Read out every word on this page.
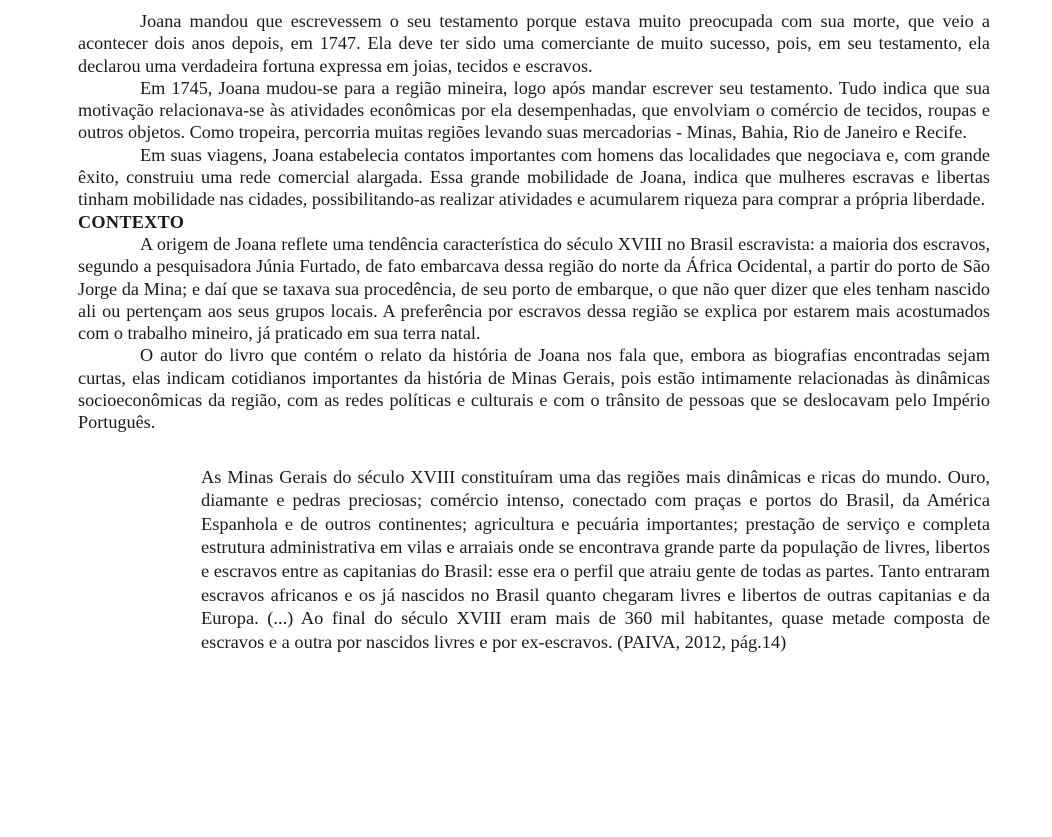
Joana mandou que escrevessem o seu testamento porque estava muito preocupada com sua morte, que veio a acontecer dois anos depois, em 1747. Ela deve ter sido uma comerciante de muito sucesso, pois, em seu testamento, ela declarou uma verdadeira fortuna expressa em joias, tecidos e escravos.

Em 1745, Joana mudou-se para a região mineira, logo após mandar escrever seu testamento. Tudo indica que sua motivação relacionava-se às atividades econômicas por ela desempenhadas, que envolviam o comércio de tecidos, roupas e outros objetos. Como tropeira, percorria muitas regiões levando suas mercadorias - Minas, Bahia, Rio de Janeiro e Recife.

Em suas viagens, Joana estabelecia contatos importantes com homens das localidades que negociava e, com grande êxito, construiu uma rede comercial alargada. Essa grande mobilidade de Joana, indica que mulheres escravas e libertas tinham mobilidade nas cidades, possibilitando-as realizar atividades e acumularem riqueza para comprar a própria liberdade.

CONTEXTO

A origem de Joana reflete uma tendência característica do século XVIII no Brasil escravista: a maioria dos escravos, segundo a pesquisadora Júnia Furtado, de fato embarcava dessa região do norte da África Ocidental, a partir do porto de São Jorge da Mina; e daí que se taxava sua procedência, de seu porto de embarque, o que não quer dizer que eles tenham nascido ali ou pertençam aos seus grupos locais. A preferência por escravos dessa região se explica por estarem mais acostumados com o trabalho mineiro, já praticado em sua terra natal.

O autor do livro que contém o relato da história de Joana nos fala que, embora as biografias encontradas sejam curtas, elas indicam cotidianos importantes da história de Minas Gerais, pois estão intimamente relacionadas às dinâmicas socioeconômicas da região, com as redes políticas e culturais e com o trânsito de pessoas que se deslocavam pelo Império Português.

As Minas Gerais do século XVIII constituíram uma das regiões mais dinâmicas e ricas do mundo. Ouro, diamante e pedras preciosas; comércio intenso, conectado com praças e portos do Brasil, da América Espanhola e de outros continentes; agricultura e pecuária importantes; prestação de serviço e completa estrutura administrativa em vilas e arraiais onde se encontrava grande parte da população de livres, libertos e escravos entre as capitanias do Brasil: esse era o perfil que atraiu gente de todas as partes. Tanto entraram escravos africanos e os já nascidos no Brasil quanto chegaram livres e libertos de outras capitanias e da Europa. (...) Ao final do século XVIII eram mais de 360 mil habitantes, quase metade composta de escravos e a outra por nascidos livres e por ex-escravos. (PAIVA, 2012, pág.14)
